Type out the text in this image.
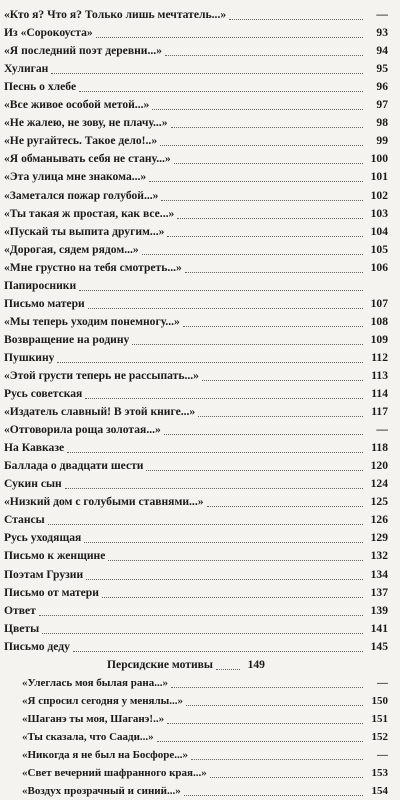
«Кто я? Что я? Только лишь мечтатель...»	—
Из «Сорокоуста»	93
«Я последний поэт деревни...»	94
Хулиган	95
Песнь о хлебе	96
«Все живое особой метой...»	97
«Не жалею, не зову, не плачу...»	98
«Не ругайтесь. Такое дело!..»	99
«Я обманывать себя не стану...»	100
«Эта улица мне знакома...»	101
«Заметался пожар голубой...»	102
«Ты такая ж простая, как все...»	103
«Пускай ты выпита другим...»	104
«Дорогая, сядем рядом...»	105
«Мне грустно на тебя смотреть...»	106
Папиросники
Письмо матери	107
«Мы теперь уходим понемногу...»	108
Возвращение на родину	109
Пушкину	112
«Этой грусти теперь не рассыпать...»	113
Русь советская	114
«Издатель славный! В этой книге...»	117
«Отговорила роща золотая...»	—
На Кавказе	118
Баллада о двадцати шести	120
Сукин сын	124
«Низкий дом с голубыми ставнями...»	125
Стансы	126
Русь уходящая	129
Письмо к женщине	132
Поэтам Грузии	134
Письмо от матери	137
Ответ	139
Цветы	141
Письмо деду	145
Персидские мотивы	149
«Улеглась моя былая рана...»	—
«Я спросил сегодня у менялы...»	150
«Шаганэ ты моя, Шаганэ!..»	151
«Ты сказала, что Саади...»	152
«Никогда я не был на Босфоре...»	—
«Свет вечерний шафранного края...»	153
«Воздух прозрачный и синий...»	154
